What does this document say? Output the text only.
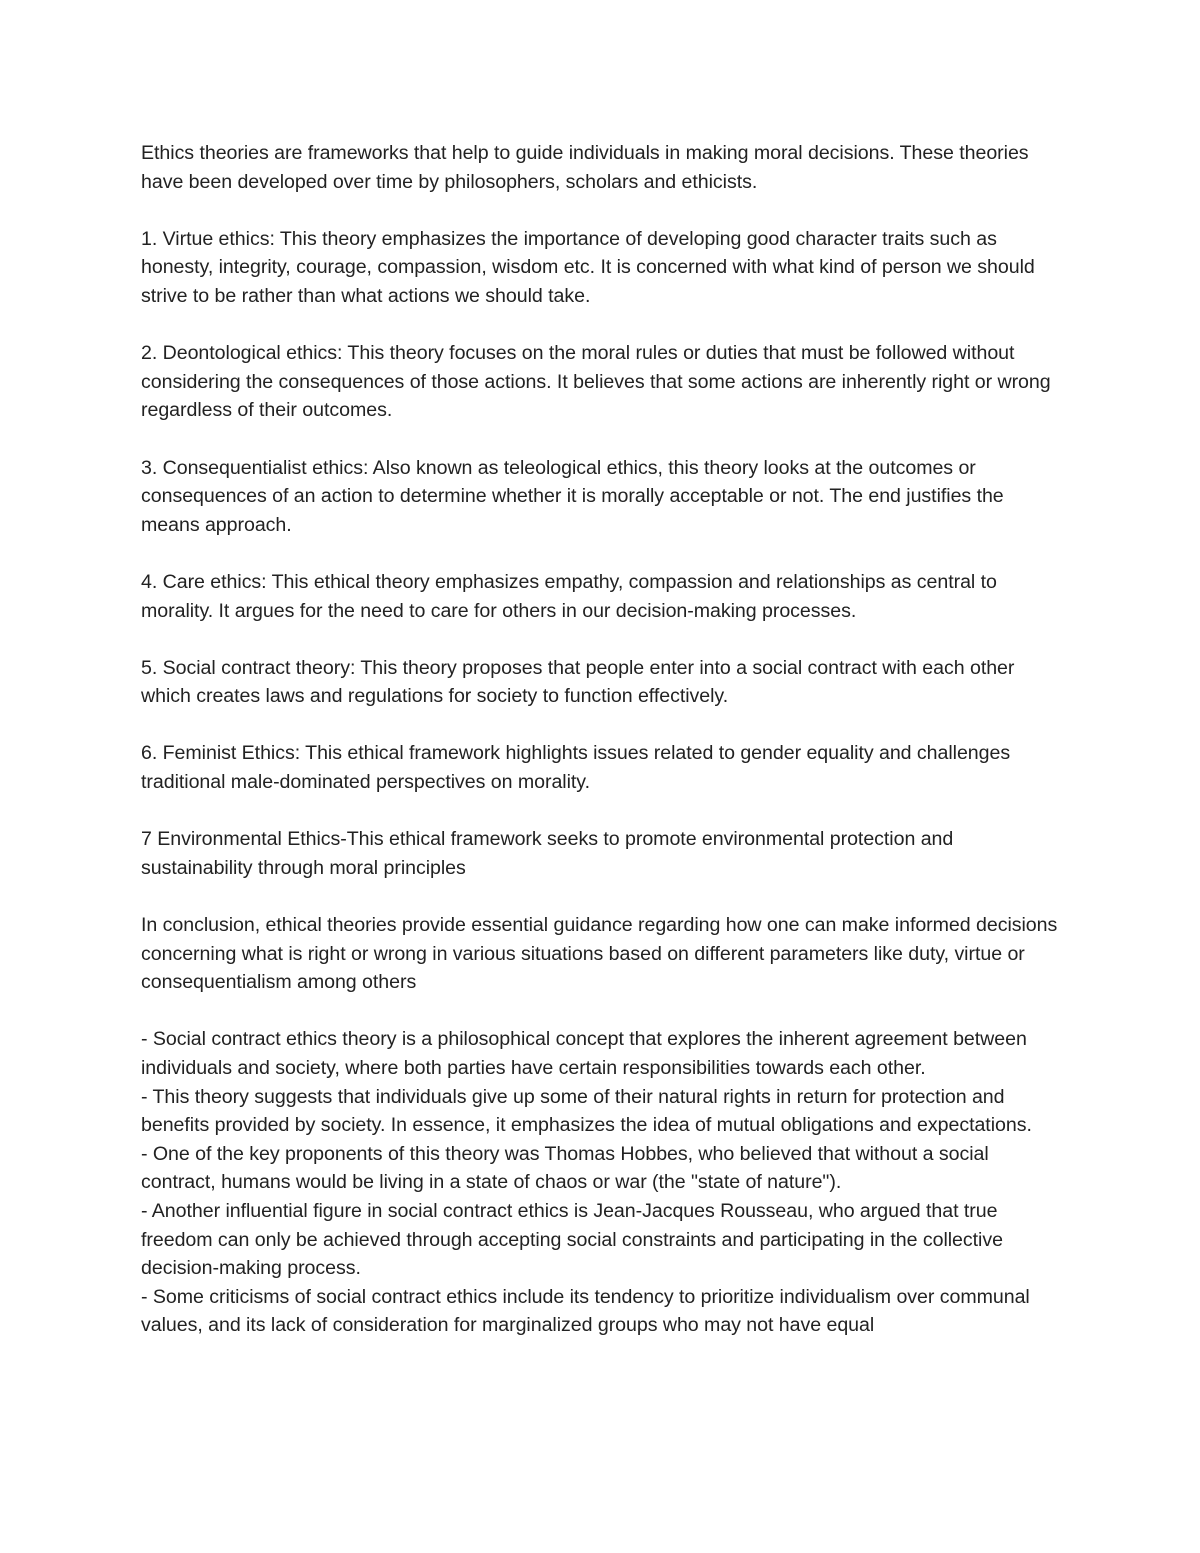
Ethics theories are frameworks that help to guide individuals in making moral decisions. These theories have been developed over time by philosophers, scholars and ethicists.

1. Virtue ethics: This theory emphasizes the importance of developing good character traits such as honesty, integrity, courage, compassion, wisdom etc. It is concerned with what kind of person we should strive to be rather than what actions we should take.

2. Deontological ethics: This theory focuses on the moral rules or duties that must be followed without considering the consequences of those actions. It believes that some actions are inherently right or wrong regardless of their outcomes.

3. Consequentialist ethics: Also known as teleological ethics, this theory looks at the outcomes or consequences of an action to determine whether it is morally acceptable or not. The end justifies the means approach.

4. Care ethics: This ethical theory emphasizes empathy, compassion and relationships as central to morality. It argues for the need to care for others in our decision-making processes.

5. Social contract theory: This theory proposes that people enter into a social contract with each other which creates laws and regulations for society to function effectively.

6. Feminist Ethics: This ethical framework highlights issues related to gender equality and challenges traditional male-dominated perspectives on morality.

7 Environmental Ethics-This ethical framework seeks to promote environmental protection and sustainability through moral principles

In conclusion, ethical theories provide essential guidance regarding how one can make informed decisions concerning what is right or wrong in various situations based on different parameters like duty, virtue or consequentialism among others

- Social contract ethics theory is a philosophical concept that explores the inherent agreement between individuals and society, where both parties have certain responsibilities towards each other.

- This theory suggests that individuals give up some of their natural rights in return for protection and benefits provided by society. In essence, it emphasizes the idea of mutual obligations and expectations.

- One of the key proponents of this theory was Thomas Hobbes, who believed that without a social contract, humans would be living in a state of chaos or war (the "state of nature").

- Another influential figure in social contract ethics is Jean-Jacques Rousseau, who argued that true freedom can only be achieved through accepting social constraints and participating in the collective decision-making process.

- Some criticisms of social contract ethics include its tendency to prioritize individualism over communal values, and its lack of consideration for marginalized groups who may not have equal
